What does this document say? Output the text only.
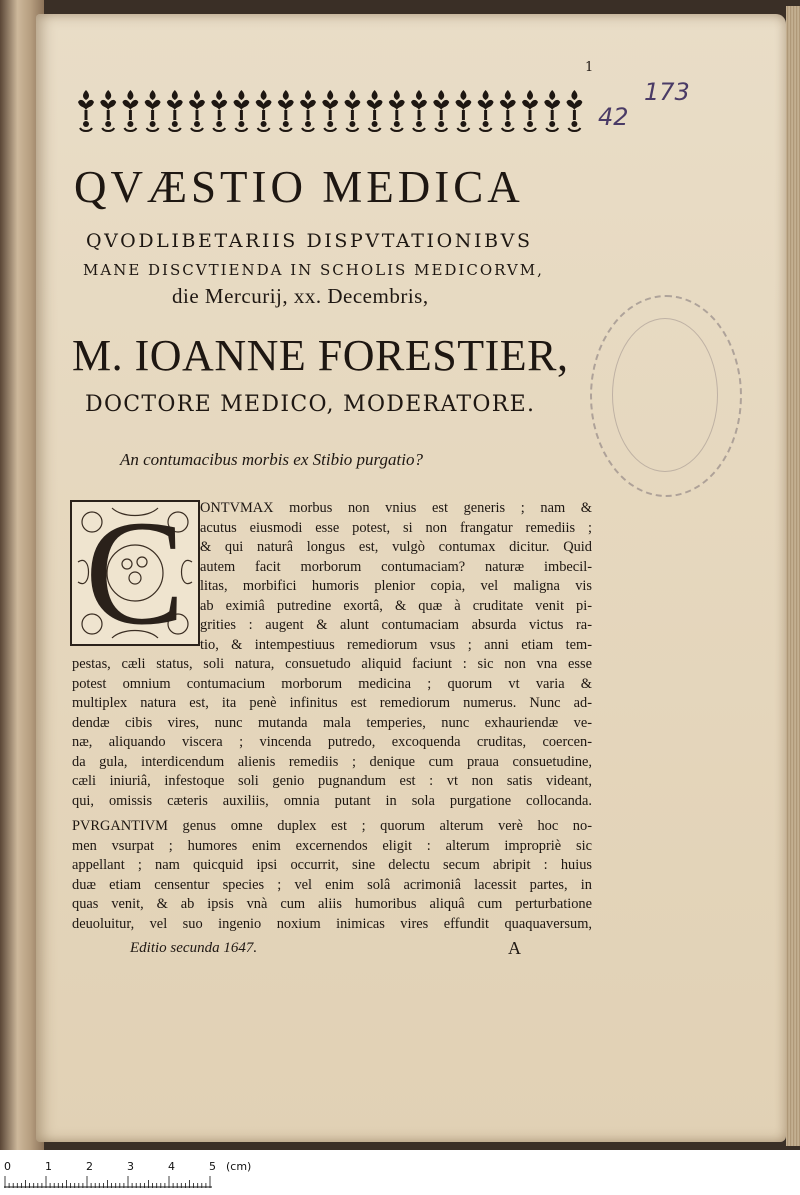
1
173
42
QVÆSTIO MEDICA
QVODLIBETARIIS DISPVTATIONIBVS
MANE DISCVTIENDA IN SCHOLIS MEDICORVM,
die Mercurij, xx. Decembris,
M. IOANNE FORESTIER,
DOCTORE MEDICO, MODERATORE.
An contumacibus morbis ex Stibio purgatio?
C	ONTVMAX morbus non vnius est generis ; nam &
acutus eiusmodi esse potest, si non frangatur remediis ;
& qui naturâ longus est, vulgò contumax dicitur. Quid
autem facit morborum contumaciam? naturæ imbecil-
litas, morbifici humoris plenior copia, vel maligna vis
ab eximiâ putredine exortâ, & quæ à cruditate venit pi-
grities : augent & alunt contumaciam absurda victus ra-
tio, & intempestiuus remediorum vsus ; anni etiam tem-
pestas, cæli status, soli natura, consuetudo aliquid faciunt : sic non vna esse
potest omnium contumacium morborum medicina ; quorum vt varia &
multiplex natura est, ita penè infinitus est remediorum numerus. Nunc ad-
dendæ cibis vires, nunc mutanda mala temperies, nunc exhauriendæ ve-
næ, aliquando viscera ; vincenda putredo, excoquenda cruditas, coercen-
da gula, interdicendum alienis remediis ; denique cum praua consuetudine,
cæli iniuriâ, infestoque soli genio pugnandum est : vt non satis videant,
qui, omissis cæteris auxiliis, omnia putant in sola purgatione collocanda.
PVRGANTIVM genus omne duplex est ; quorum alterum verè hoc no-
men vsurpat ; humores enim excernendos eligit : alterum impropriè sic
appellant ; nam quicquid ipsi occurrit, sine delectu secum abripit : huius
duæ etiam censentur species ; vel enim solâ acrimoniâ lacessit partes, in
quas venit, & ab ipsis vnà cum aliis humoribus aliquâ cum perturbatione
deuoluitur, vel suo ingenio noxium inimicas vires effundit quaquaversum,
Editio secunda 1647.	A
0	1	2	3	4	5 (cm)
